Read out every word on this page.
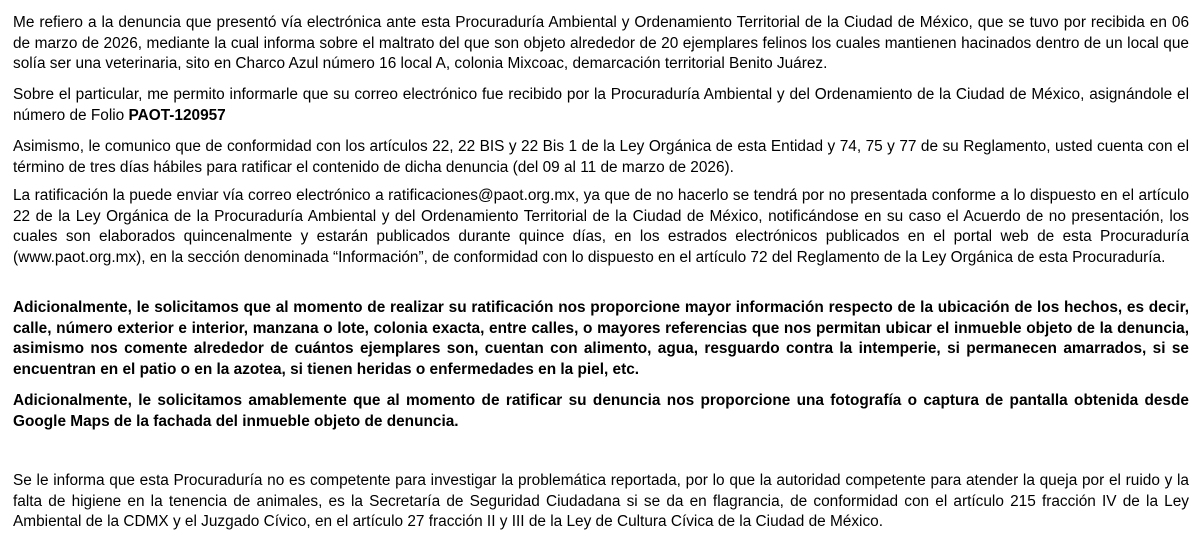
Me refiero a la denuncia que presentó vía electrónica ante esta Procuraduría Ambiental y Ordenamiento Territorial de la Ciudad de México, que se tuvo por recibida en 06 de marzo de 2026, mediante la cual informa sobre el maltrato del que son objeto alrededor de 20 ejemplares felinos los cuales mantienen hacinados dentro de un local que solía ser una veterinaria, sito en Charco Azul número 16 local A, colonia Mixcoac, demarcación territorial Benito Juárez.

Sobre el particular, me permito informarle que su correo electrónico fue recibido por la Procuraduría Ambiental y del Ordenamiento de la Ciudad de México, asignándole el número de Folio PAOT-120957

Asimismo, le comunico que de conformidad con los artículos 22, 22 BIS y 22 Bis 1 de la Ley Orgánica de esta Entidad y 74, 75 y 77 de su Reglamento, usted cuenta con el término de tres días hábiles para ratificar el contenido de dicha denuncia (del 09 al 11 de marzo de 2026).

La ratificación la puede enviar vía correo electrónico a ratificaciones@paot.org.mx, ya que de no hacerlo se tendrá por no presentada conforme a lo dispuesto en el artículo 22 de la Ley Orgánica de la Procuraduría Ambiental y del Ordenamiento Territorial de la Ciudad de México, notificándose en su caso el Acuerdo de no presentación, los cuales son elaborados quincenalmente y estarán publicados durante quince días, en los estrados electrónicos publicados en el portal web de esta Procuraduría (www.paot.org.mx), en la sección denominada “Información”, de conformidad con lo dispuesto en el artículo 72 del Reglamento de la Ley Orgánica de esta Procuraduría.

Adicionalmente, le solicitamos que al momento de realizar su ratificación nos proporcione mayor información respecto de la ubicación de los hechos, es decir, calle, número exterior e interior, manzana o lote, colonia exacta, entre calles, o mayores referencias que nos permitan ubicar el inmueble objeto de la denuncia, asimismo nos comente alrededor de cuántos ejemplares son, cuentan con alimento, agua, resguardo contra la intemperie, si permanecen amarrados, si se encuentran en el patio o en la azotea, si tienen heridas o enfermedades en la piel, etc.

Adicionalmente, le solicitamos amablemente que al momento de ratificar su denuncia nos proporcione una fotografía o captura de pantalla obtenida desde Google Maps de la fachada del inmueble objeto de denuncia.

Se le informa que esta Procuraduría no es competente para investigar la problemática reportada, por lo que la autoridad competente para atender la queja por el ruido y la falta de higiene en la tenencia de animales, es la Secretaría de Seguridad Ciudadana si se da en flagrancia, de conformidad con el artículo 215 fracción IV de la Ley Ambiental de la CDMX y el Juzgado Cívico, en el artículo 27 fracción II y III de la Ley de Cultura Cívica de la Ciudad de México.
